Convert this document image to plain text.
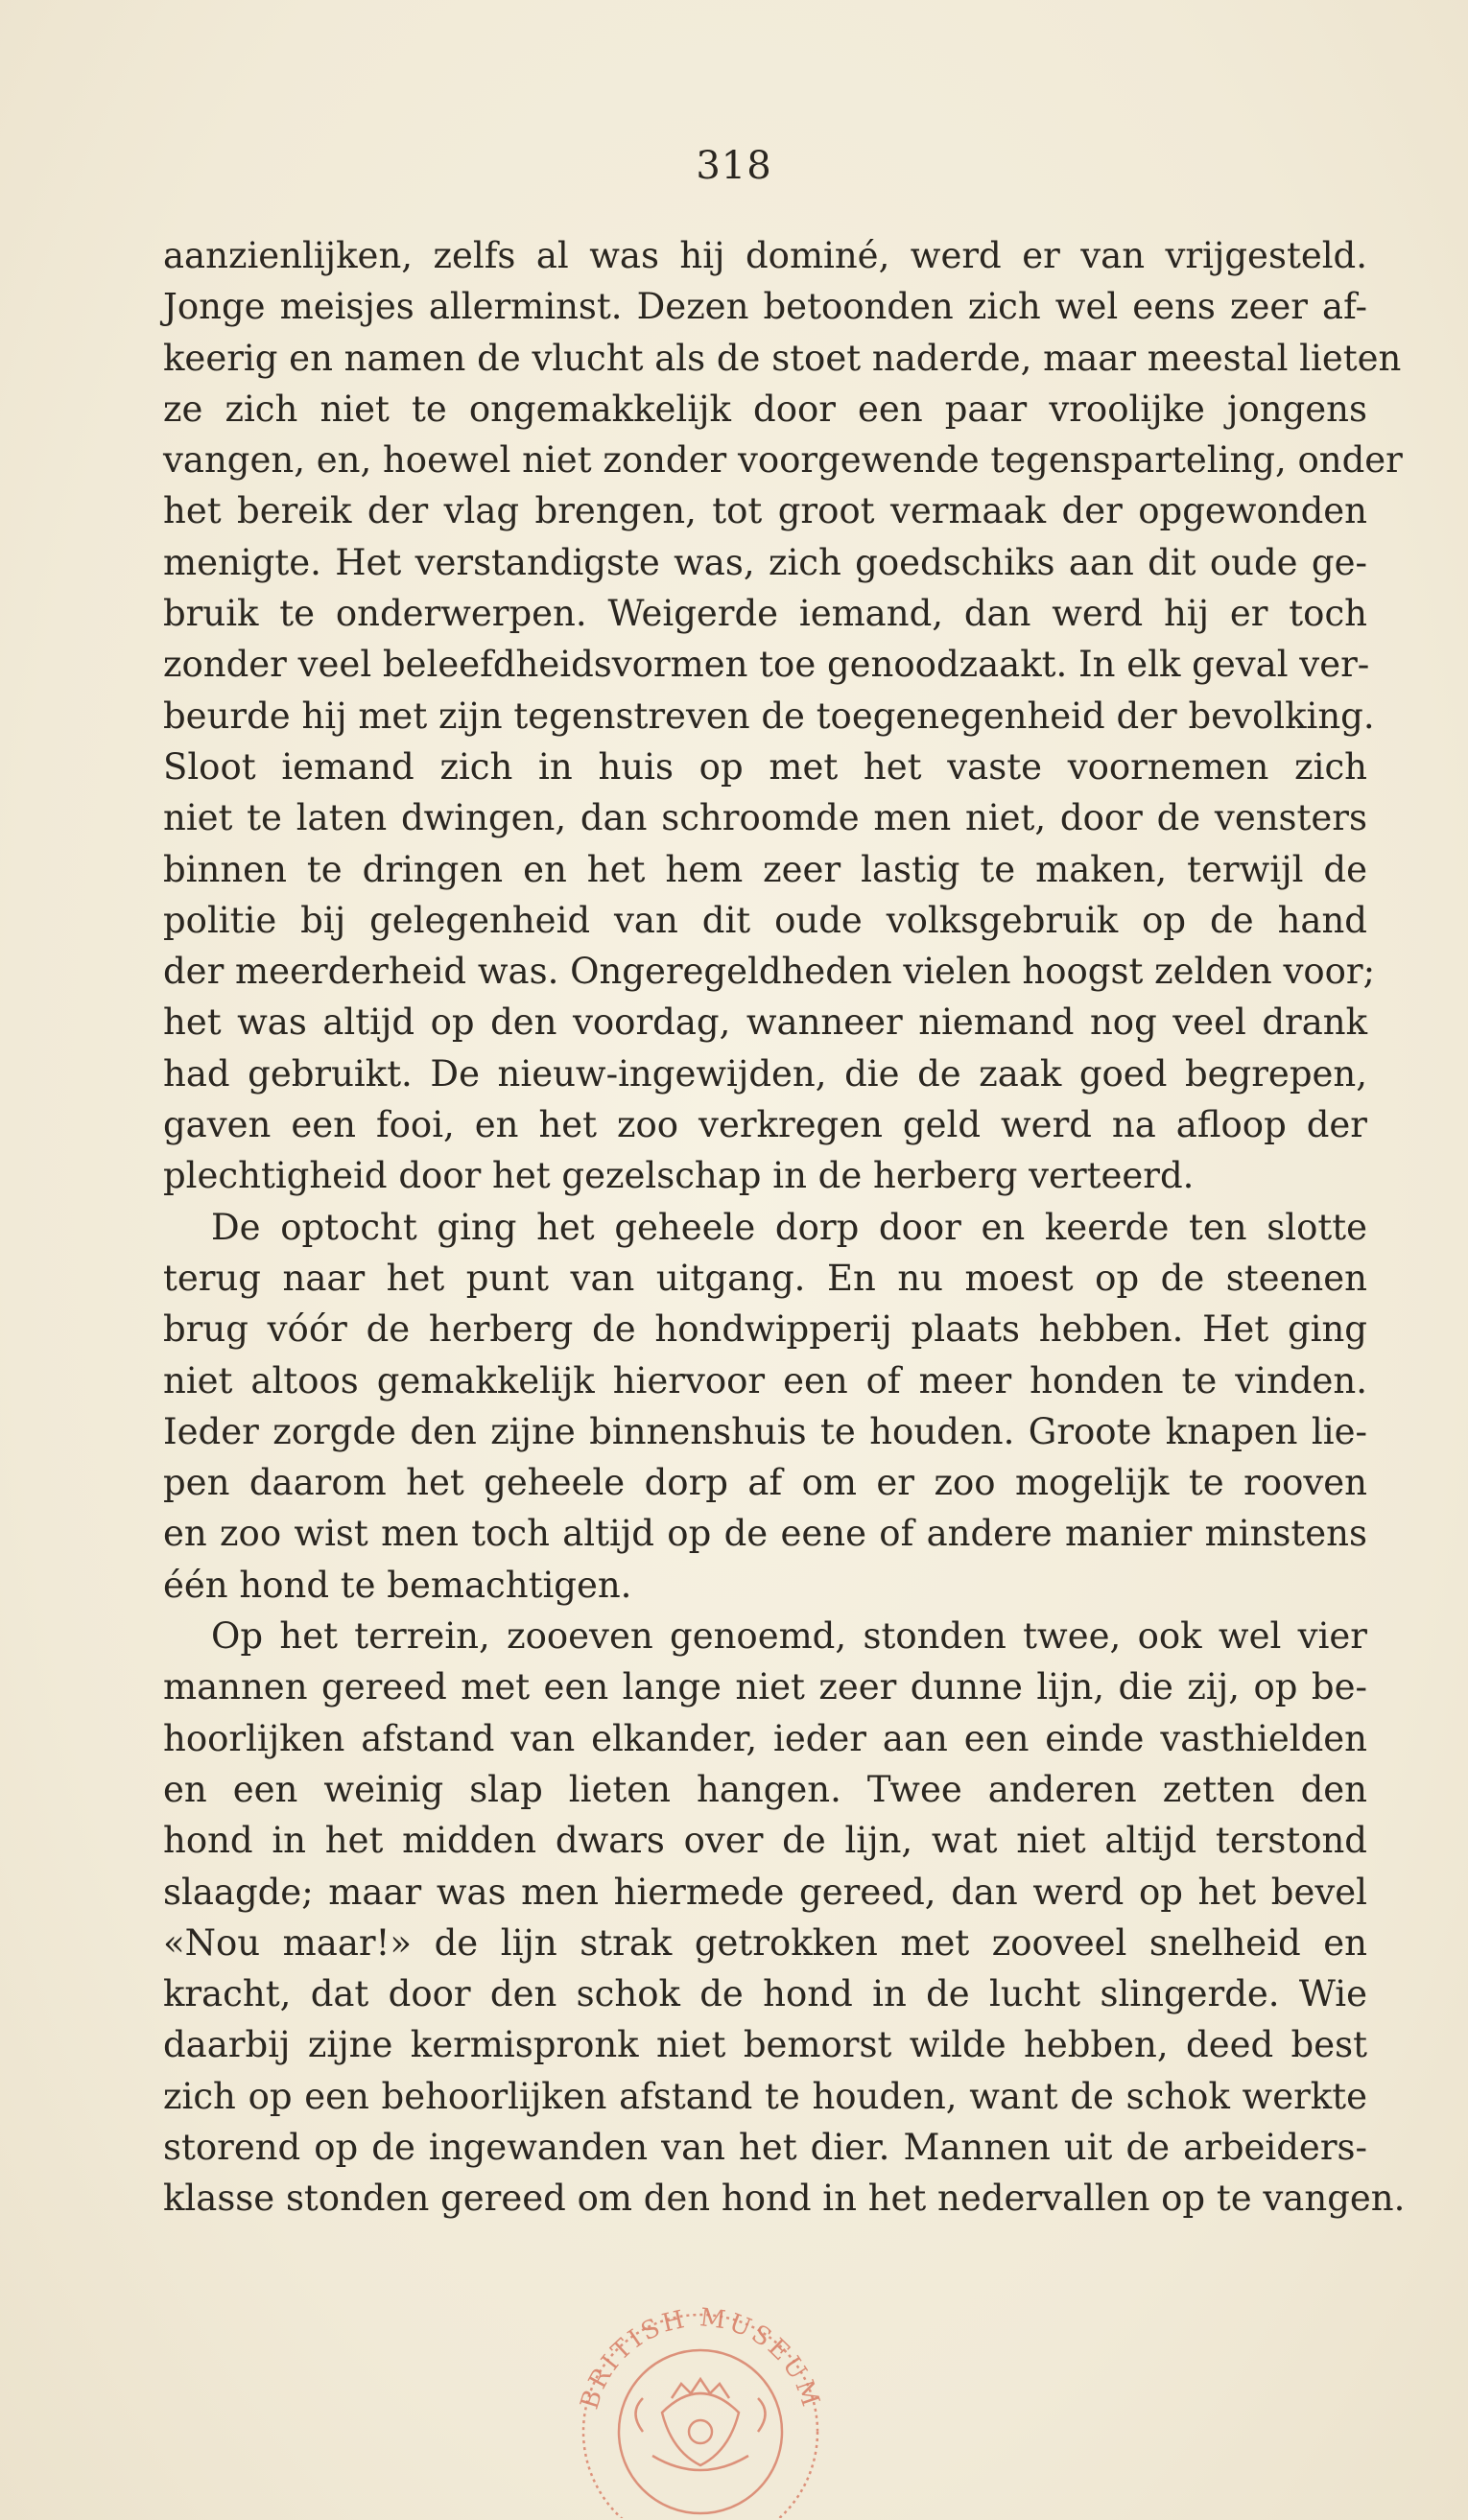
318
aanzienlijken, zelfs al was hij dominé, werd er van vrijgesteld.
Jonge meisjes allerminst. Dezen betoonden zich wel eens zeer af-
keerig en namen de vlucht als de stoet naderde, maar meestal lieten
ze zich niet te ongemakkelijk door een paar vroolijke jongens
vangen, en, hoewel niet zonder voorgewende tegensparteling, onder
het bereik der vlag brengen, tot groot vermaak der opgewonden
menigte. Het verstandigste was, zich goedschiks aan dit oude ge-
bruik te onderwerpen. Weigerde iemand, dan werd hij er toch
zonder veel beleefdheidsvormen toe genoodzaakt. In elk geval ver-
beurde hij met zijn tegenstreven de toegenegenheid der bevolking.
Sloot iemand zich in huis op met het vaste voornemen zich
niet te laten dwingen, dan schroomde men niet, door de vensters
binnen te dringen en het hem zeer lastig te maken, terwijl de
politie bij gelegenheid van dit oude volksgebruik op de hand
der meerderheid was. Ongeregeldheden vielen hoogst zelden voor;
het was altijd op den voordag, wanneer niemand nog veel drank
had gebruikt. De nieuw-ingewijden, die de zaak goed begrepen,
gaven een fooi, en het zoo verkregen geld werd na afloop der
plechtigheid door het gezelschap in de herberg verteerd.
De optocht ging het geheele dorp door en keerde ten slotte
terug naar het punt van uitgang. En nu moest op de steenen
brug vóór de herberg de hondwipperij plaats hebben. Het ging
niet altoos gemakkelijk hiervoor een of meer honden te vinden.
Ieder zorgde den zijne binnenshuis te houden. Groote knapen lie-
pen daarom het geheele dorp af om er zoo mogelijk te rooven
en zoo wist men toch altijd op de eene of andere manier minstens
één hond te bemachtigen.
Op het terrein, zooeven genoemd, stonden twee, ook wel vier
mannen gereed met een lange niet zeer dunne lijn, die zij, op be-
hoorlijken afstand van elkander, ieder aan een einde vasthielden
en een weinig slap lieten hangen. Twee anderen zetten den
hond in het midden dwars over de lijn, wat niet altijd terstond
slaagde; maar was men hiermede gereed, dan werd op het bevel
«Nou maar!» de lijn strak getrokken met zooveel snelheid en
kracht, dat door den schok de hond in de lucht slingerde. Wie
daarbij zijne kermispronk niet bemorst wilde hebben, deed best
zich op een behoorlijken afstand te houden, want de schok werkte
storend op de ingewanden van het dier. Mannen uit de arbeiders-
klasse stonden gereed om den hond in het nedervallen op te vangen.
BRITISH MUSEUM
